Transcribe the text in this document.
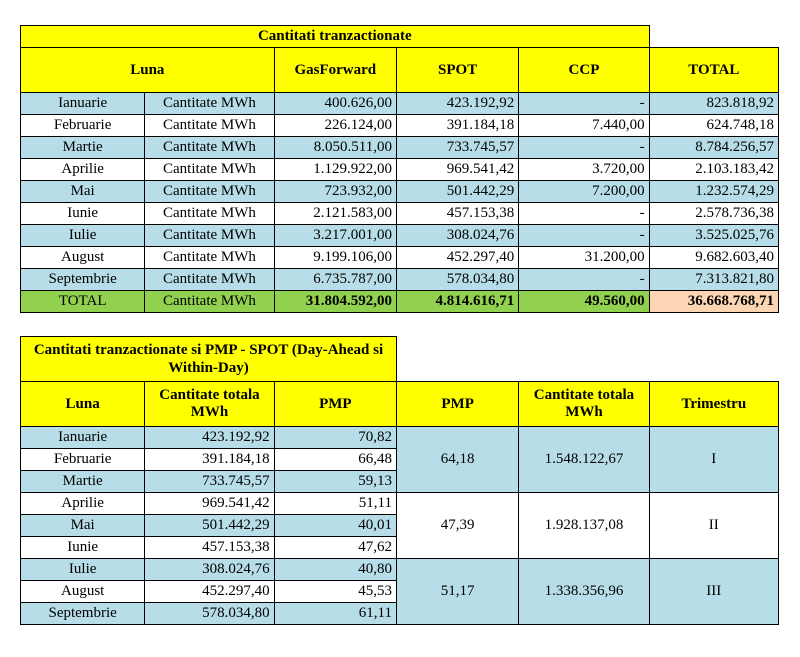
Cantitati tranzactionate					
Luna		GasForward	SPOT	CCP	TOTAL
Ianuarie	Cantitate MWh	400.626,00	423.192,92	-	823.818,92
Februarie	Cantitate MWh	226.124,00	391.184,18	7.440,00	624.748,18
Martie	Cantitate MWh	8.050.511,00	733.745,57	-	8.784.256,57
Aprilie	Cantitate MWh	1.129.922,00	969.541,42	3.720,00	2.103.183,42
Mai	Cantitate MWh	723.932,00	501.442,29	7.200,00	1.232.574,29
Iunie	Cantitate MWh	2.121.583,00	457.153,38	-	2.578.736,38
Iulie	Cantitate MWh	3.217.001,00	308.024,76	-	3.525.025,76
August	Cantitate MWh	9.199.106,00	452.297,40	31.200,00	9.682.603,40
Septembrie	Cantitate MWh	6.735.787,00	578.034,80	-	7.313.821,80
TOTAL	Cantitate MWh	31.804.592,00	4.814.616,71	49.560,00	36.668.768,71
Cantitati tranzactionate si PMP - SPOT (Day-Ahead si Within-Day)					
Luna	Cantitate totala MWh	PMP	PMP	Cantitate totala MWh	Trimestru
Ianuarie	423.192,92	70,82	64,18	1.548.122,67	I
Februarie	391.184,18	66,48			
Martie	733.745,57	59,13			
Aprilie	969.541,42	51,11	47,39	1.928.137,08	II
Mai	501.442,29	40,01			
Iunie	457.153,38	47,62			
Iulie	308.024,76	40,80	51,17	1.338.356,96	III
August	452.297,40	45,53			
Septembrie	578.034,80	61,11			
